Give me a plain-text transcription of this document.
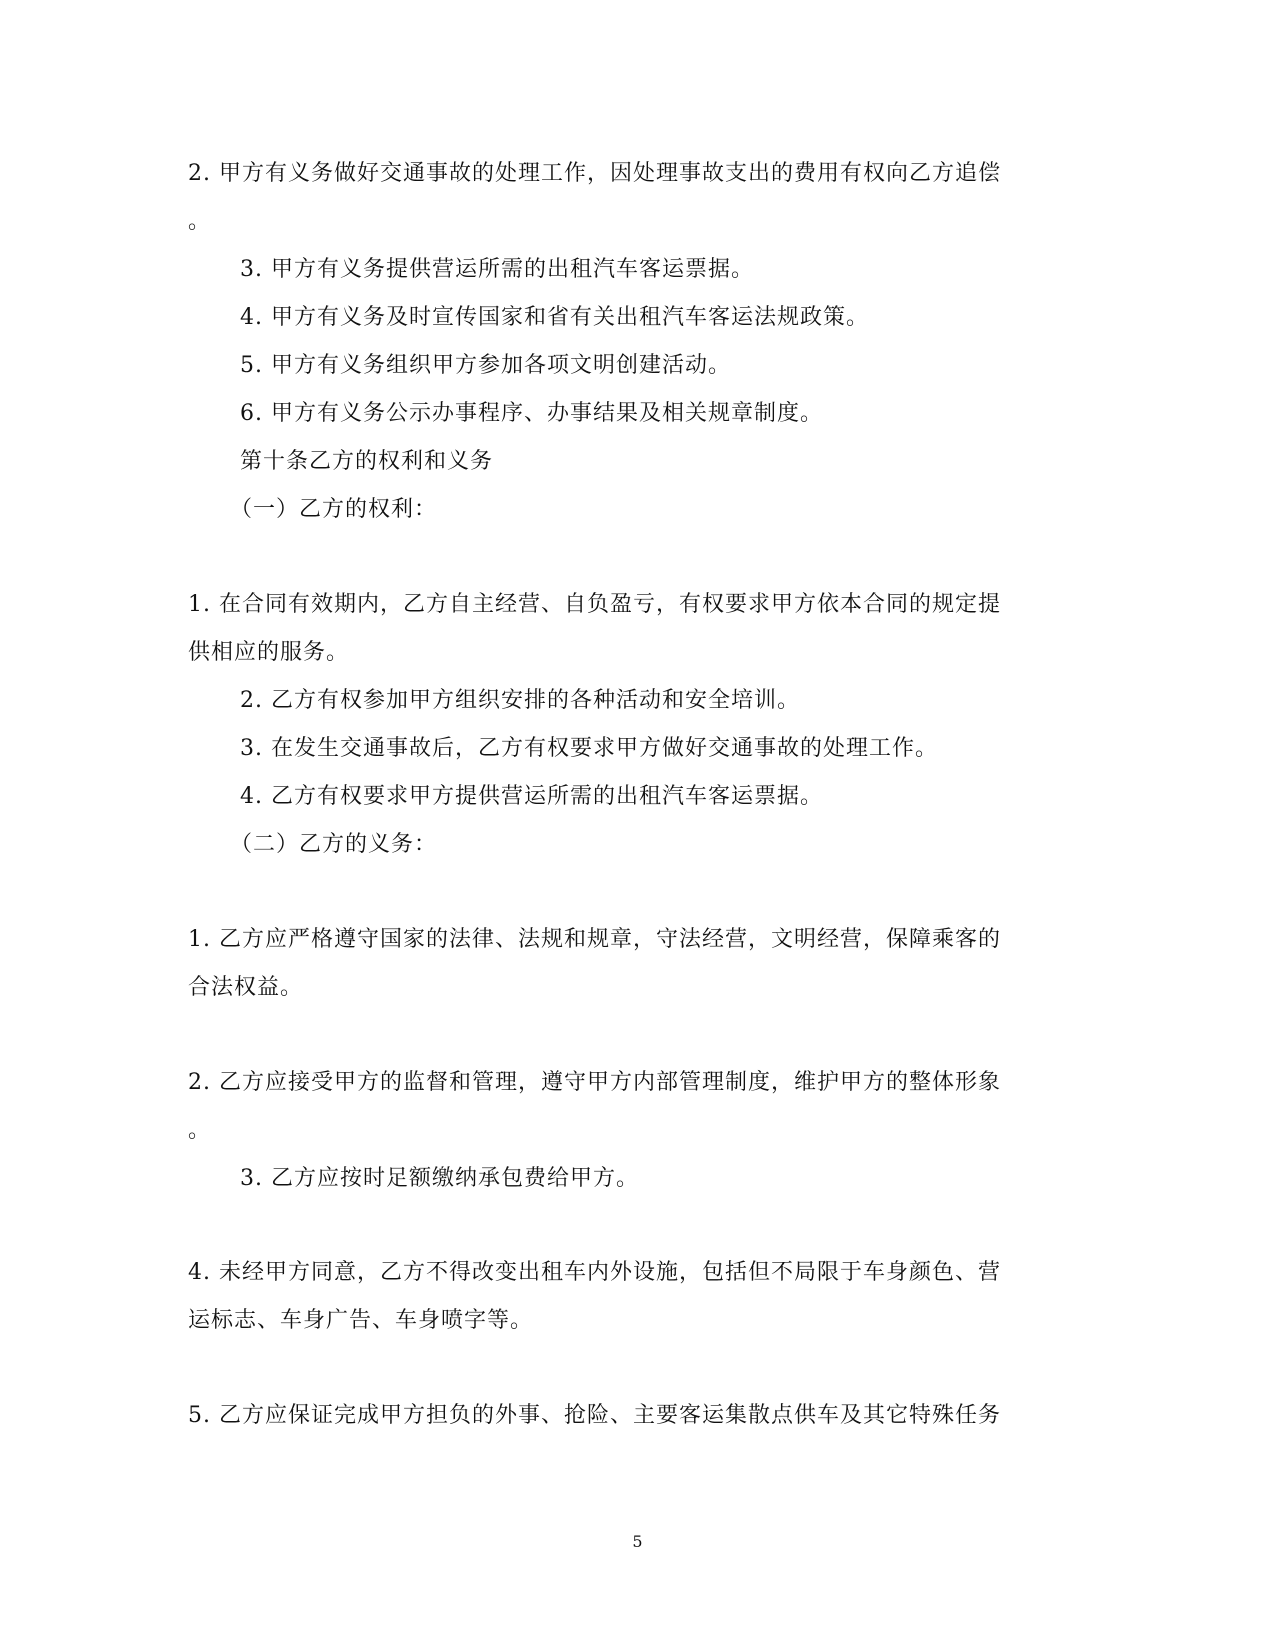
2. 甲方有义务做好交通事故的处理工作，因处理事故支出的费用有权向乙方追偿
。
3. 甲方有义务提供营运所需的出租汽车客运票据。
4. 甲方有义务及时宣传国家和省有关出租汽车客运法规政策。
5. 甲方有义务组织甲方参加各项文明创建活动。
6. 甲方有义务公示办事程序、办事结果及相关规章制度。
第十条乙方的权利和义务
（一）乙方的权利：
1. 在合同有效期内，乙方自主经营、自负盈亏，有权要求甲方依本合同的规定提
供相应的服务。
2. 乙方有权参加甲方组织安排的各种活动和安全培训。
3. 在发生交通事故后，乙方有权要求甲方做好交通事故的处理工作。
4. 乙方有权要求甲方提供营运所需的出租汽车客运票据。
（二）乙方的义务：
1. 乙方应严格遵守国家的法律、法规和规章，守法经营，文明经营，保障乘客的
合法权益。
2. 乙方应接受甲方的监督和管理，遵守甲方内部管理制度，维护甲方的整体形象
。
3. 乙方应按时足额缴纳承包费给甲方。
4. 未经甲方同意，乙方不得改变出租车内外设施，包括但不局限于车身颜色、营
运标志、车身广告、车身喷字等。
5. 乙方应保证完成甲方担负的外事、抢险、主要客运集散点供车及其它特殊任务
5
